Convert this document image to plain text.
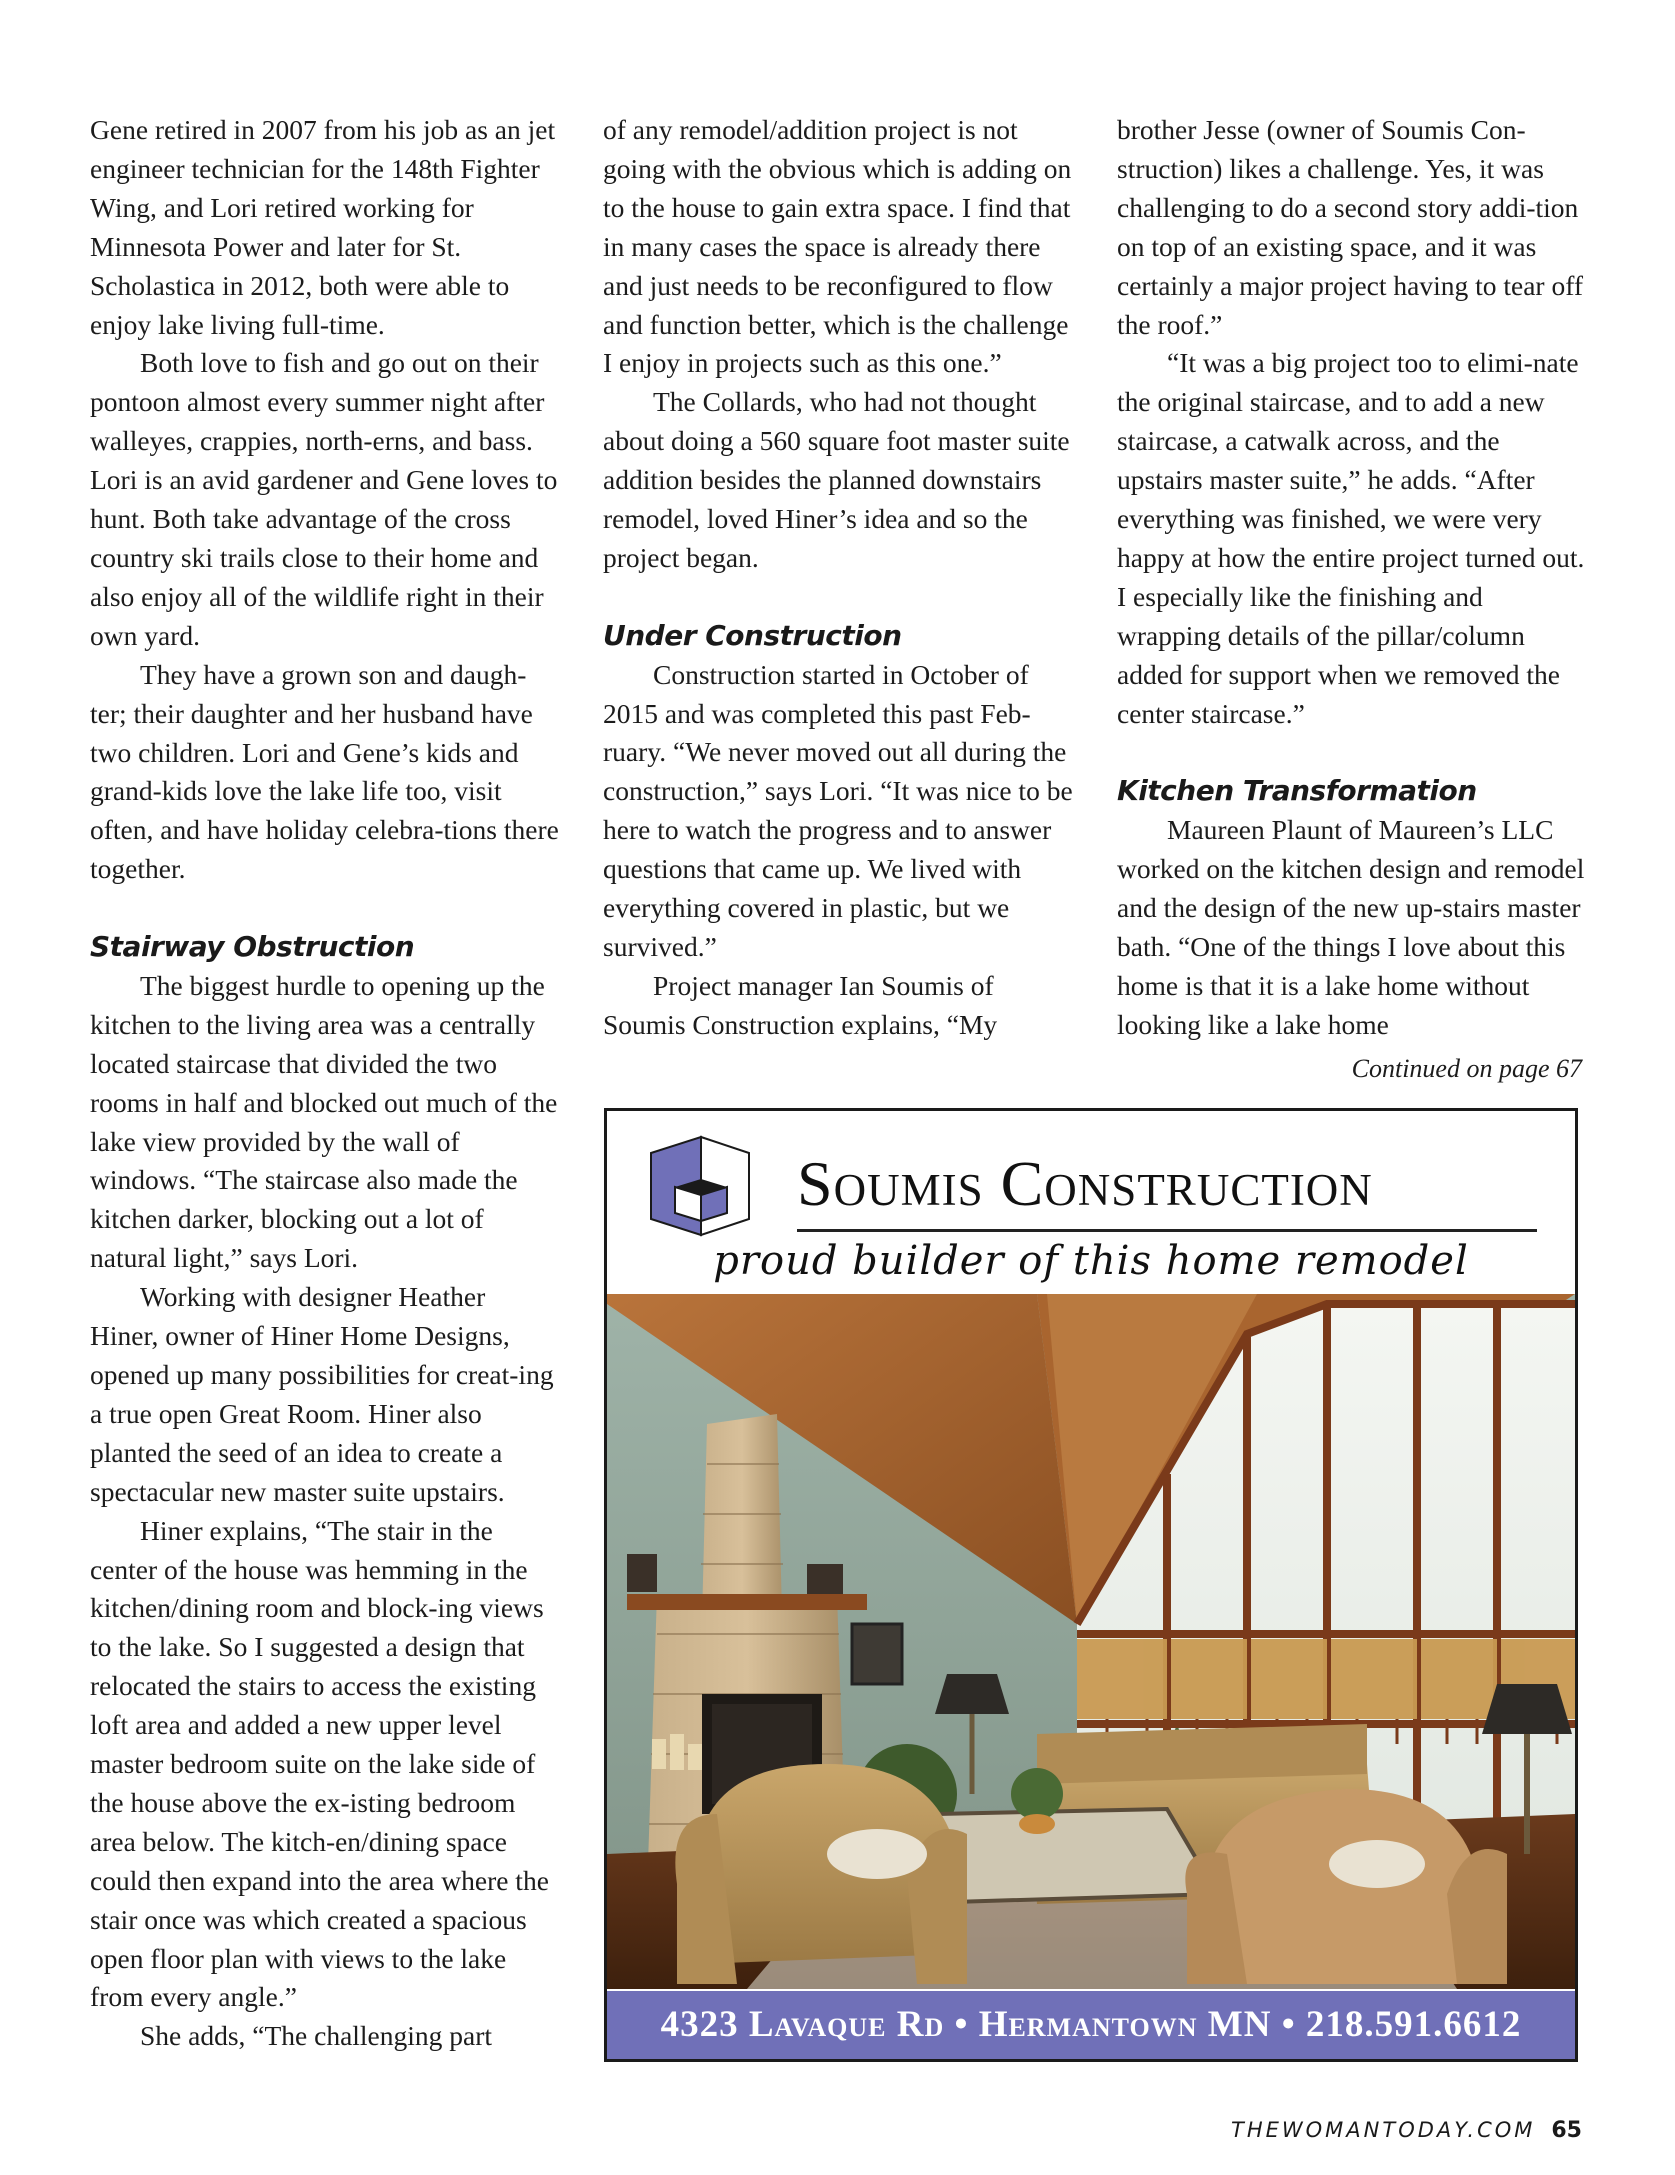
Gene retired in 2007 from his job as an jet engineer technician for the 148th Fighter Wing, and Lori retired working for Minnesota Power and later for St. Scholastica in 2012, both were able to enjoy lake living full-time.

Both love to fish and go out on their pontoon almost every summer night after walleyes, crappies, north-erns, and bass. Lori is an avid gardener and Gene loves to hunt. Both take advantage of the cross country ski trails close to their home and also enjoy all of the wildlife right in their own yard.

They have a grown son and daugh-ter; their daughter and her husband have two children. Lori and Gene’s kids and grand-kids love the lake life too, visit often, and have holiday celebra-tions there together.

Stairway Obstruction

The biggest hurdle to opening up the kitchen to the living area was a centrally located staircase that divided the two rooms in half and blocked out much of the lake view provided by the wall of windows. “The staircase also made the kitchen darker, blocking out a lot of natural light,” says Lori.

Working with designer Heather Hiner, owner of Hiner Home Designs, opened up many possibilities for creat-ing a true open Great Room. Hiner also planted the seed of an idea to create a spectacular new master suite upstairs.

Hiner explains, “The stair in the center of the house was hemming in the kitchen/dining room and block-ing views to the lake. So I suggested a design that relocated the stairs to access the existing loft area and added a new upper level master bedroom suite on the lake side of the house above the ex-isting bedroom area below. The kitch-en/dining space could then expand into the area where the stair once was which created a spacious open floor plan with views to the lake from every angle.”

She adds, “The challenging part

of any remodel/addition project is not going with the obvious which is adding on to the house to gain extra space. I find that in many cases the space is already there and just needs to be reconfigured to flow and function better, which is the challenge I enjoy in projects such as this one.”

The Collards, who had not thought about doing a 560 square foot master suite addition besides the planned downstairs remodel, loved Hiner’s idea and so the project began.

Under Construction

Construction started in October of 2015 and was completed this past Feb-ruary. “We never moved out all during the construction,” says Lori. “It was nice to be here to watch the progress and to answer questions that came up. We lived with everything covered in plastic, but we survived.”

Project manager Ian Soumis of Soumis Construction explains, “My

brother Jesse (owner of Soumis Con-struction) likes a challenge. Yes, it was challenging to do a second story addi-tion on top of an existing space, and it was certainly a major project having to tear off the roof.”

“It was a big project too to elimi-nate the original staircase, and to add a new staircase, a catwalk across, and the upstairs master suite,” he adds. “After everything was finished, we were very happy at how the entire project turned out. I especially like the finishing and wrapping details of the pillar/column added for support when we removed the center staircase.”

Kitchen Transformation

Maureen Plaunt of Maureen’s LLC worked on the kitchen design and remodel and the design of the new up-stairs master bath. “One of the things I love about this home is that it is a lake home without looking like a lake home

Continued on page 67
Soumis Construction
proud builder of this home remodel
4323 Lavaque Rd • Hermantown MN • 218.591.6612
THEWOMANTODAY.COM 65
